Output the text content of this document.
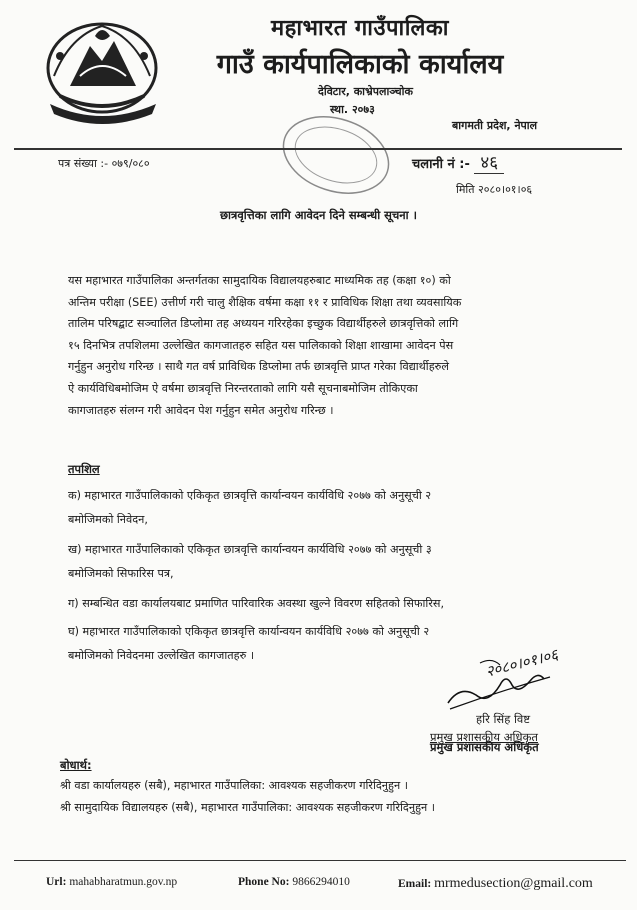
महाभारत गाउँपालिका
गाउँ कार्यपालिकाको कार्यालय
देविटार, काभ्रेपलाञ्चोक
स्था. २०७३
बागमती प्रदेश, नेपाल
पत्र संख्या :- ०७९/०८०	चलानी नं :- ४६
मिति २०८०।०१।०६
छात्रवृत्तिका लागि आवेदन दिने सम्बन्धी सूचना ।
यस महाभारत गाउँपालिका अन्तर्गतका सामुदायिक विद्यालयहरुबाट माध्यमिक तह (कक्षा १०) को
अन्तिम परीक्षा (SEE) उत्तीर्ण गरी चालु शैक्षिक वर्षमा कक्षा ११ र प्राविधिक शिक्षा तथा व्यवसायिक
तालिम परिषद्बाट सञ्चालित डिप्लोमा तह अध्ययन गरिरहेका इच्छुक विद्यार्थीहरुले छात्रवृत्तिको लागि
१५ दिनभित्र तपशिलमा उल्लेखित कागजातहरु सहित यस पालिकाको शिक्षा शाखामा आवेदन पेस
गर्नुहुन अनुरोध गरिन्छ । साथै गत वर्ष प्राविधिक डिप्लोमा तर्फ छात्रवृत्ति प्राप्त गरेका विद्यार्थीहरुले
ऐ कार्यविधिबमोजिम ऐ वर्षमा छात्रवृत्ति निरन्तरताको लागि यसै सूचनाबमोजिम तोकिएका
कागजातहरु संलग्न गरी आवेदन पेश गर्नुहुन समेत अनुरोध गरिन्छ ।
तपशिल
क) महाभारत गाउँपालिकाको एकिकृत छात्रवृत्ति कार्यान्वयन कार्यविधि २०७७ को अनुसूची २
बमोजिमको निवेदन,
ख) महाभारत गाउँपालिकाको एकिकृत छात्रवृत्ति कार्यान्वयन कार्यविधि २०७७ को अनुसूची ३
बमोजिमको सिफारिस पत्र,
ग) सम्बन्धित वडा कार्यालयबाट प्रमाणित पारिवारिक अवस्था खुल्ने विवरण सहितको सिफारिस,
घ) महाभारत गाउँपालिकाको एकिकृत छात्रवृत्ति कार्यान्वयन कार्यविधि २०७७ को अनुसूची २
बमोजिमको निवेदनमा उल्लेखित कागजातहरु ।	२०८०।०१।०६
हरि सिंह विष्ट
प्रमुख प्रशासकीय अधिकृत
प्रमुख प्रशासकीय अधिकृत
बोधार्थ:
श्री वडा कार्यालयहरु (सबै), महाभारत गाउँपालिका: आवश्यक सहजीकरण गरिदिनुहुन ।
श्री सामुदायिक विद्यालयहरु (सबै), महाभारत गाउँपालिका: आवश्यक सहजीकरण गरिदिनुहुन ।
Url: mahabharatmun.gov.np	Phone No: 9866294010	Email: mrmedusection@gmail.com
